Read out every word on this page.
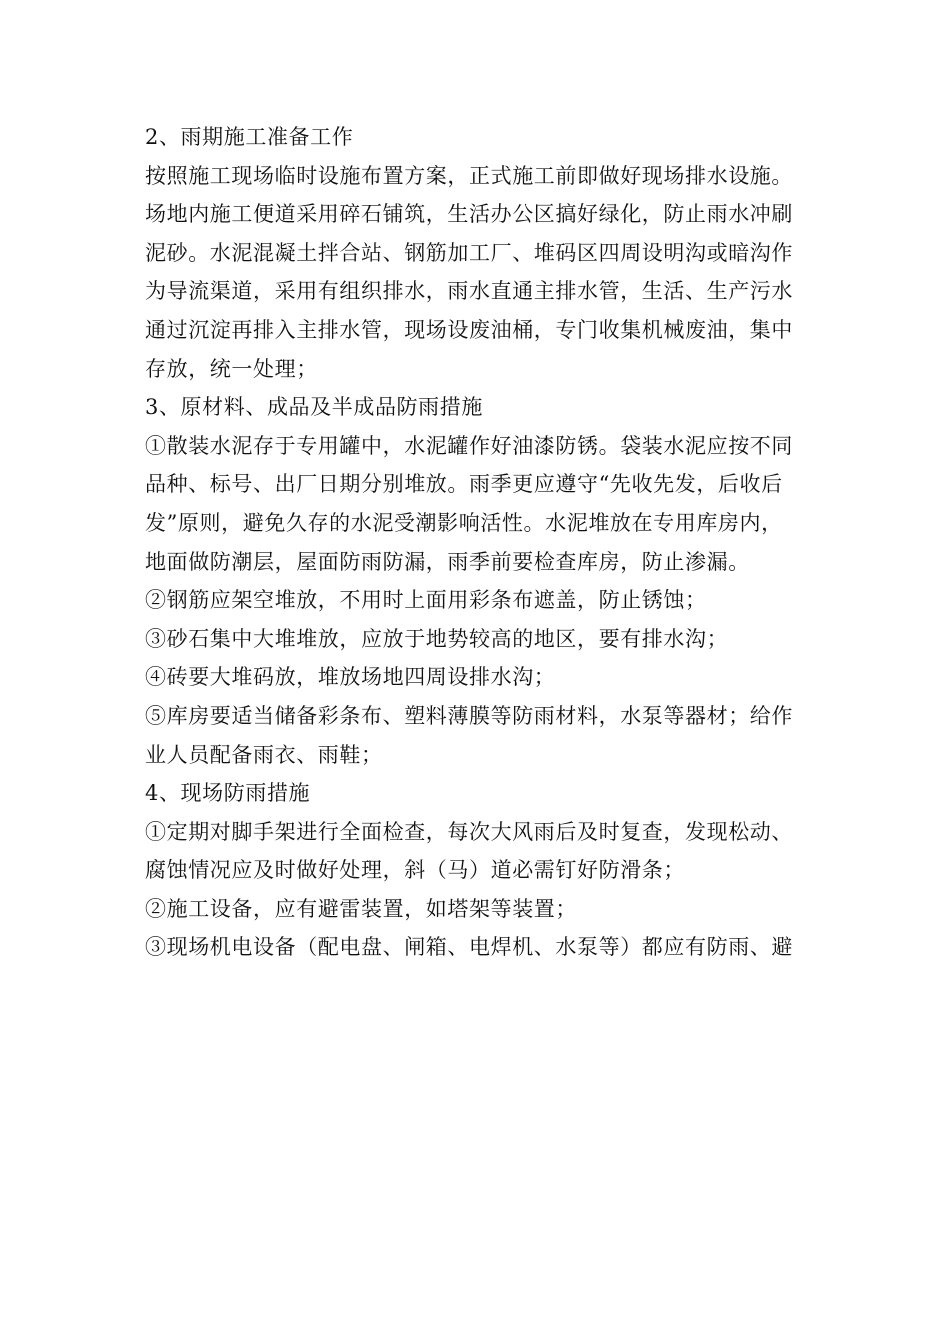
2、雨期施工准备工作
按照施工现场临时设施布置方案，正式施工前即做好现场排水设施。
场地内施工便道采用碎石铺筑，生活办公区搞好绿化，防止雨水冲刷
泥砂。水泥混凝土拌合站、钢筋加工厂、堆码区四周设明沟或暗沟作
为导流渠道，采用有组织排水，雨水直通主排水管，生活、生产污水
通过沉淀再排入主排水管，现场设废油桶，专门收集机械废油，集中
存放，统一处理；
3、原材料、成品及半成品防雨措施
①散装水泥存于专用罐中，水泥罐作好油漆防锈。袋装水泥应按不同
品种、标号、出厂日期分别堆放。雨季更应遵守“先收先发，后收后
发”原则，避免久存的水泥受潮影响活性。水泥堆放在专用库房内，
地面做防潮层，屋面防雨防漏，雨季前要检查库房，防止渗漏。
②钢筋应架空堆放，不用时上面用彩条布遮盖，防止锈蚀；
③砂石集中大堆堆放，应放于地势较高的地区，要有排水沟；
④砖要大堆码放，堆放场地四周设排水沟；
⑤库房要适当储备彩条布、塑料薄膜等防雨材料，水泵等器材；给作
业人员配备雨衣、雨鞋；
4、现场防雨措施
①定期对脚手架进行全面检查，每次大风雨后及时复查，发现松动、
腐蚀情况应及时做好处理，斜（马）道必需钉好防滑条；
②施工设备，应有避雷装置，如塔架等装置；
③现场机电设备（配电盘、闸箱、电焊机、水泵等）都应有防雨、避
